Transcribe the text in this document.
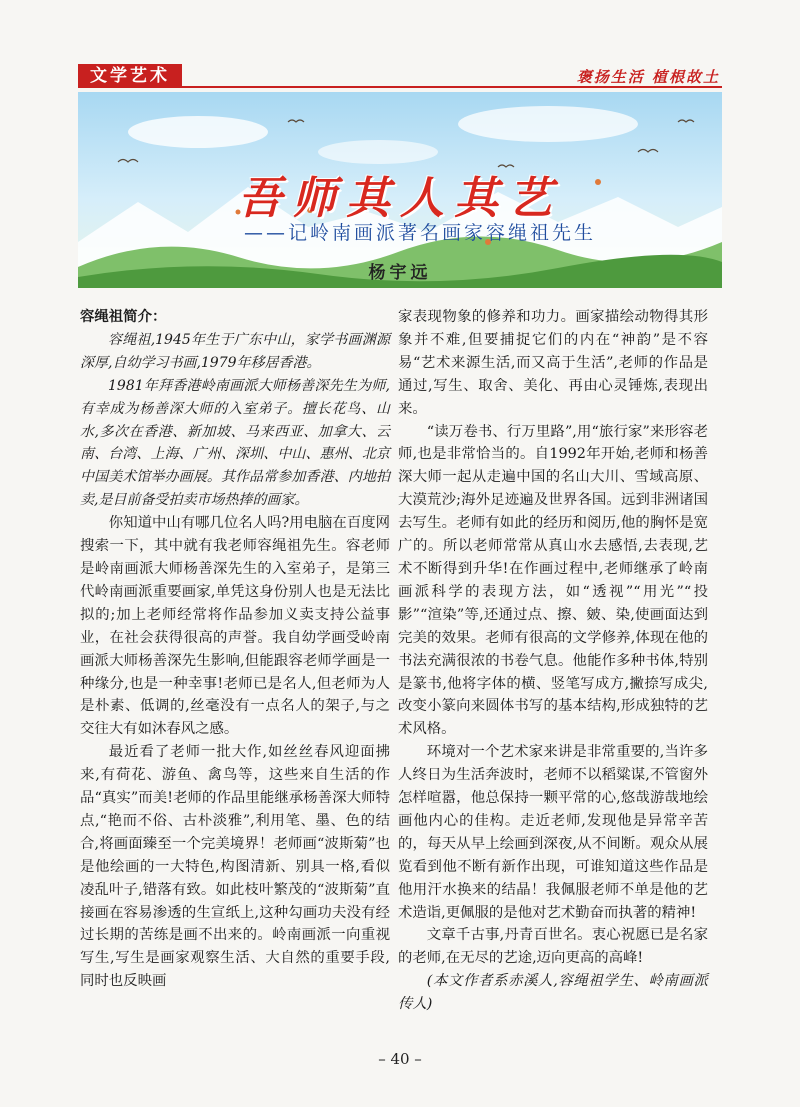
文学艺术	褒扬生活 植根故土
吾师其人其艺
——记岭南画派著名画家容绳祖先生
杨宇远

容绳祖简介：

容绳祖,1945年生于广东中山，家学书画渊源深厚,自幼学习书画,1979年移居香港。

1981年拜香港岭南画派大师杨善深先生为师,有幸成为杨善深大师的入室弟子。擅长花鸟、山水,多次在香港、新加坡、马来西亚、加拿大、云南、台湾、上海、广州、深圳、中山、惠州、北京中国美术馆举办画展。其作品常参加香港、内地拍卖,是目前备受拍卖市场热捧的画家。

你知道中山有哪几位名人吗?用电脑在百度网搜索一下，其中就有我老师容绳祖先生。容老师是岭南画派大师杨善深先生的入室弟子，是第三代岭南画派重要画家,单凭这身份别人也是无法比拟的;加上老师经常将作品参加义卖支持公益事业，在社会获得很高的声誉。我自幼学画受岭南画派大师杨善深先生影响,但能跟容老师学画是一种缘分,也是一种幸事!老师已是名人,但老师为人是朴素、低调的,丝毫没有一点名人的架子,与之交往大有如沐春风之感。

最近看了老师一批大作,如丝丝春风迎面拂来,有荷花、游鱼、禽鸟等，这些来自生活的作品“真实”而美!老师的作品里能继承杨善深大师特点,“艳而不俗、古朴淡雅”,利用笔、墨、色的结合,将画面臻至一个完美境界！老师画“波斯菊”也是他绘画的一大特色,构图清新、别具一格,看似凌乱叶子,错落有致。如此枝叶繁茂的“波斯菊”直接画在容易渗透的生宣纸上,这种勾画功夫没有经过长期的苦练是画不出来的。岭南画派一向重视写生,写生是画家观察生活、大自然的重要手段,同时也反映画

家表现物象的修养和功力。画家描绘动物得其形象并不难,但要捕捉它们的内在“神韵”是不容易“艺术来源生活,而又高于生活”,老师的作品是通过,写生、取舍、美化、再由心灵锤炼,表现出来。

“读万卷书、行万里路”,用“旅行家”来形容老师,也是非常恰当的。自1992年开始,老师和杨善深大师一起从走遍中国的名山大川、雪域高原、大漠荒沙;海外足迹遍及世界各国。远到非洲诸国去写生。老师有如此的经历和阅历,他的胸怀是宽广的。所以老师常常从真山水去感悟,去表现,艺术不断得到升华!在作画过程中,老师继承了岭南画派科学的表现方法，如“透视”“用光”“投影”“渲染”等,还通过点、擦、皴、染,使画面达到完美的效果。老师有很高的文学修养,体现在他的书法充满很浓的书卷气息。他能作多种书体,特别是篆书,他将字体的横、竖笔写成方,撇捺写成尖,改变小篆向来圆体书写的基本结构,形成独特的艺术风格。

环境对一个艺术家来讲是非常重要的,当许多人终日为生活奔波时，老师不以稻粱谋,不管窗外怎样喧嚣，他总保持一颗平常的心,悠哉游哉地绘画他内心的佳构。走近老师,发现他是异常辛苦的，每天从早上绘画到深夜,从不间断。观众从展览看到他不断有新作出现，可谁知道这些作品是他用汗水换来的结晶！我佩服老师不单是他的艺术造诣,更佩服的是他对艺术勤奋而执著的精神!

文章千古事,丹青百世名。衷心祝愿已是名家的老师,在无尽的艺途,迈向更高的高峰!

(本文作者系赤溪人,容绳祖学生、岭南画派传人)

– 40 –
